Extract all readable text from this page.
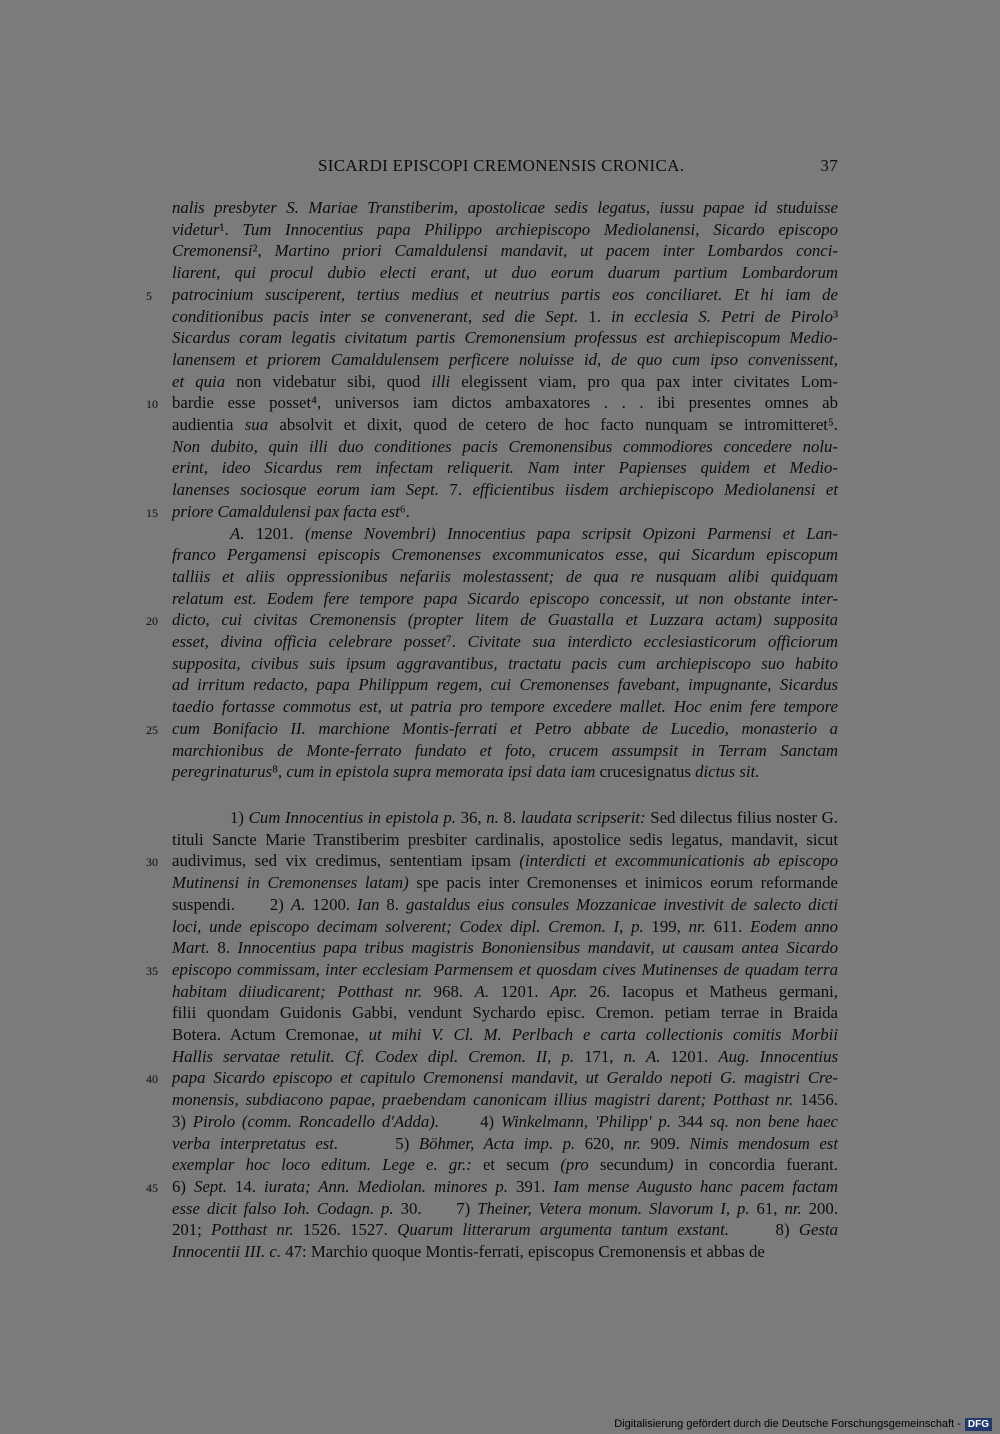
SICARDI EPISCOPI CREMONENSIS CRONICA.	37
nalis presbyter S. Mariae Transtiberim, apostolicae sedis legatus, iussu papae id studuisse
videtur¹. Tum Innocentius papa Philippo archiepiscopo Mediolanensi, Sicardo episcopo
Cremonensi², Martino priori Camaldulensi mandavit, ut pacem inter Lombardos conci-
liarent, qui procul dubio electi erant, ut duo eorum duarum partium Lombardorum
patrocinium susciperent, tertius medius et neutrius partis eos conciliaret. Et hi iam de
5
conditionibus pacis inter se convenerant, sed die Sept. 1. in ecclesia S. Petri de Pirolo³
Sicardus coram legatis civitatum partis Cremonensium professus est archiepiscopum Medio-
lanensem et priorem Camaldulensem perficere noluisse id, de quo cum ipso convenissent,
et quia non videbatur sibi, quod illi elegissent viam, pro qua pax inter civitates Lom-
bardie esse posset⁴, universos iam dictos ambaxatores . . . ibi presentes omnes ab
10
audientia sua absolvit et dixit, quod de cetero de hoc facto nunquam se intromitteret⁵.
Non dubito, quin illi duo conditiones pacis Cremonensibus commodiores concedere nolu-
erint, ideo Sicardus rem infectam reliquerit. Nam inter Papienses quidem et Medio-
lanenses sociosque eorum iam Sept. 7. efficientibus iisdem archiepiscopo Mediolanensi et
priore Camaldulensi pax facta est⁶.
15
A. 1201. (mense Novembri) Innocentius papa scripsit Opizoni Parmensi et Lan-
franco Pergamensi episcopis Cremonenses excommunicatos esse, qui Sicardum episcopum
talliis et aliis oppressionibus nefariis molestassent; de qua re nusquam alibi quidquam
relatum est. Eodem fere tempore papa Sicardo episcopo concessit, ut non obstante inter-
dicto, cui civitas Cremonensis (propter litem de Guastalla et Luzzara actam) supposita
20
esset, divina officia celebrare posset⁷. Civitate sua interdicto ecclesiasticorum officiorum
supposita, civibus suis ipsum aggravantibus, tractatu pacis cum archiepiscopo suo habito
ad irritum redacto, papa Philippum regem, cui Cremonenses favebant, impugnante, Sicardus
taedio fortasse commotus est, ut patria pro tempore excedere mallet. Hoc enim fere tempore
cum Bonifacio II. marchione Montis-ferrati et Petro abbate de Lucedio, monasterio a
25
marchionibus de Monte-ferrato fundato et foto, crucem assumpsit in Terram Sanctam
peregrinaturus⁸, cum in epistola supra memorata ipsi data iam crucesignatus dictus sit.
1) Cum Innocentius in epistola p. 36, n. 8. laudata scripserit: Sed dilectus filius noster G.
tituli Sancte Marie Transtiberim presbiter cardinalis, apostolice sedis legatus, mandavit, sicut
audivimus, sed vix credimus, sententiam ipsam (interdicti et excommunicationis ab episcopo
30
Mutinensi in Cremonenses latam) spe pacis inter Cremonenses et inimicos eorum reformande
suspendi.     2) A. 1200. Ian 8. gastaldus eius consules Mozzanicae investivit de salecto dicti
loci, unde episcopo decimam solverent; Codex dipl. Cremon. I, p. 199, nr. 611. Eodem anno
Mart. 8. Innocentius papa tribus magistris Bononiensibus mandavit, ut causam antea Sicardo
episcopo commissam, inter ecclesiam Parmensem et quosdam cives Mutinenses de quadam terra
35
habitam diiudicarent; Potthast nr. 968. A. 1201. Apr. 26. Iacopus et Matheus germani,
filii quondam Guidonis Gabbi, vendunt Sychardo episc. Cremon. petiam terrae in Braida
Botera. Actum Cremonae, ut mihi V. Cl. M. Perlbach e carta collectionis comitis Morbii
Hallis servatae retulit. Cf. Codex dipl. Cremon. II, p. 171, n. A. 1201. Aug. Innocentius
papa Sicardo episcopo et capitulo Cremonensi mandavit, ut Geraldo nepoti G. magistri Cre-
40
monensis, subdiacono papae, praebendam canonicam illius magistri darent; Potthast nr. 1456.
3) Pirolo (comm. Roncadello d'Adda).      4) Winkelmann, 'Philipp' p. 344 sq. non bene haec
verba interpretatus est.      5) Böhmer, Acta imp. p. 620, nr. 909. Nimis mendosum est
exemplar hoc loco editum. Lege e. gr.: et secum (pro secundum) in concordia fuerant.
6) Sept. 14. iurata; Ann. Mediolan. minores p. 391. Iam mense Augusto hanc pacem factam
45
esse dicit falso Ioh. Codagn. p. 30.     7) Theiner, Vetera monum. Slavorum I, p. 61, nr. 200.
201; Potthast nr. 1526. 1527. Quarum litterarum argumenta tantum exstant.     8) Gesta
Innocentii III. c. 47: Marchio quoque Montis-ferrati, episcopus Cremonensis et abbas de
Digitalisierung gefördert durch die Deutsche Forschungsgemeinschaft - DFG
